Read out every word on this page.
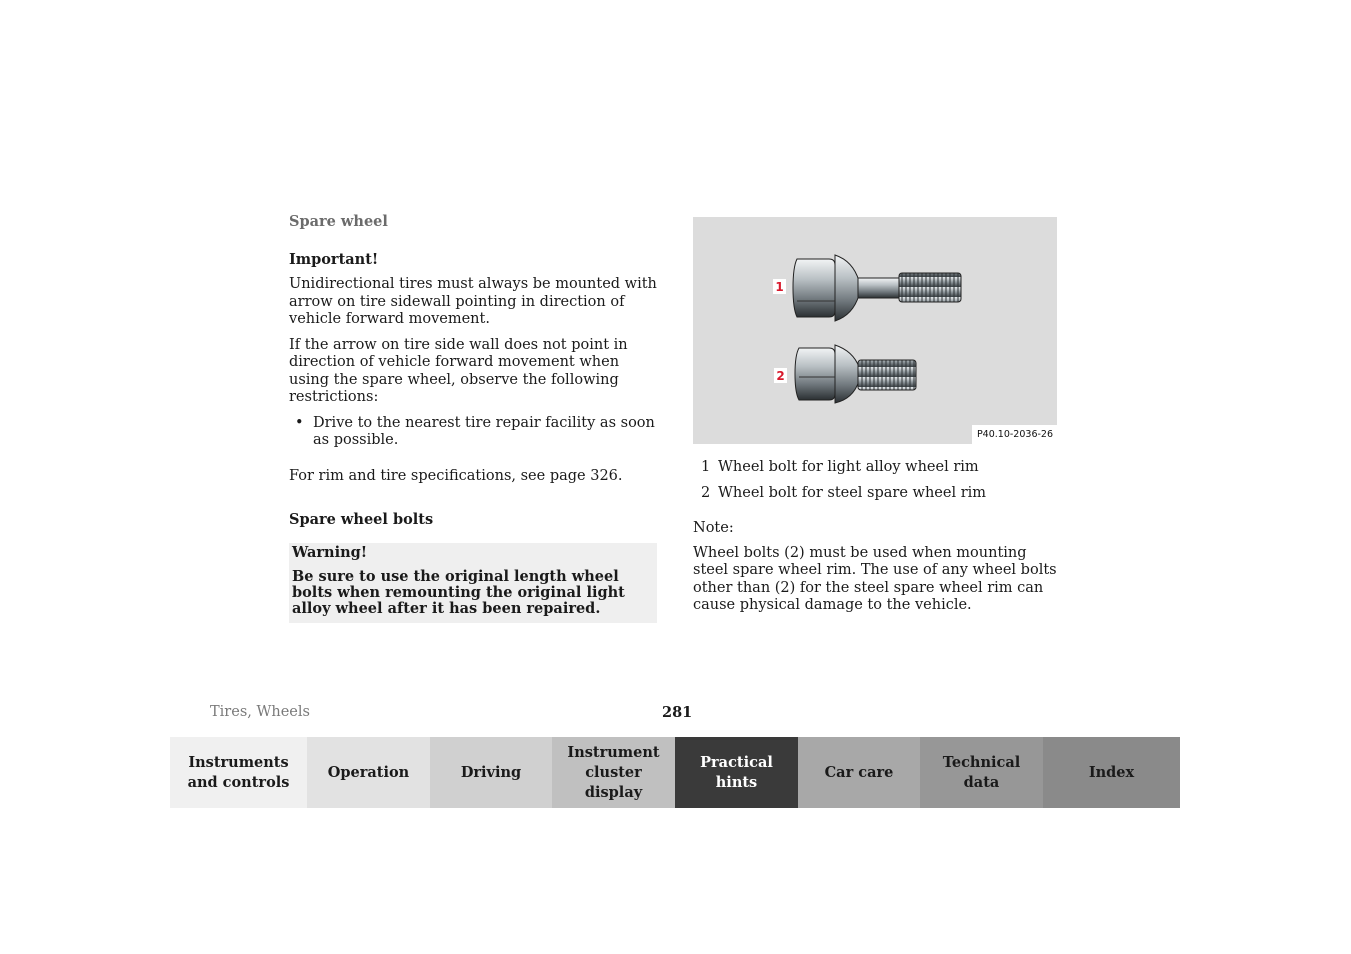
Spare wheel
Important!

Unidirectional tires must always be mounted with arrow on tire sidewall pointing in direction of vehicle forward movement.

If the arrow on tire side wall does not point in direction of vehicle forward movement when using the spare wheel, observe the following restrictions:

• Drive to the nearest tire repair facility as soon as possible.

For rim and tire specifications, see page 326.

Spare wheel bolts
Warning!
Be sure to use the original length wheel bolts when remounting the original light alloy wheel after it has been repaired.
1
2
P40.10-2036-26
1 Wheel bolt for light alloy wheel rim
2 Wheel bolt for steel spare wheel rim
Note:

Wheel bolts (2) must be used when mounting steel spare wheel rim. The use of any wheel bolts other than (2) for the steel spare wheel rim can cause physical damage to the vehicle.

Tires, Wheels	281
Instruments and controls
Operation	Driving
Instrument cluster display
Practical hints
Car care
Technical data
Index
